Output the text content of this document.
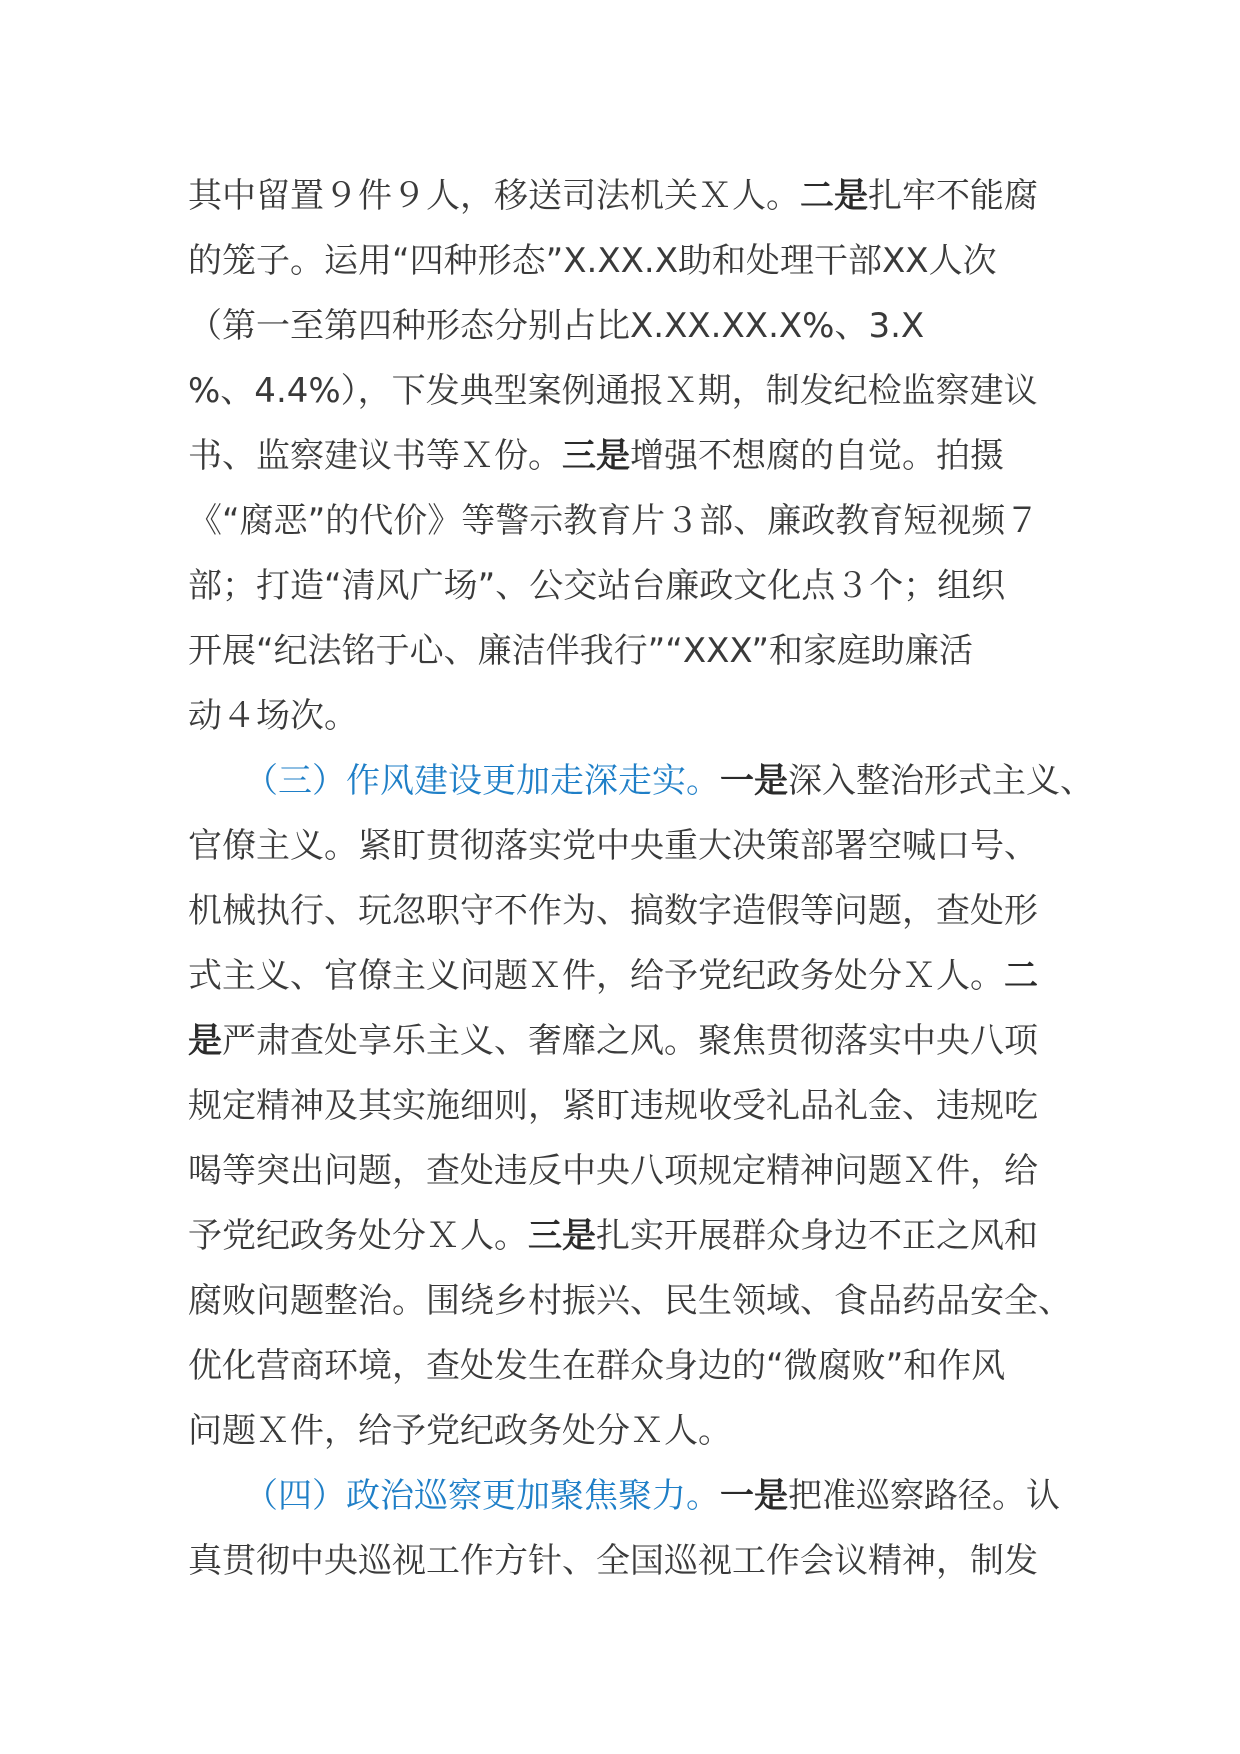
其中留置９件９人，移送司法机关Ｘ人。二是扎牢不能腐
的笼子。运用“四种形态”X.XX.X助和处理干部XX人次
（第一至第四种形态分别占比X.XX.XX.X%、3.X
%、4.4%），下发典型案例通报Ｘ期，制发纪检监察建议
书、监察建议书等Ｘ份。三是增强不想腐的自觉。拍摄
《“腐恶”的代价》等警示教育片３部、廉政教育短视频７
部；打造“清风广场”、公交站台廉政文化点３个；组织
开展“纪法铭于心、廉洁伴我行”“XXX”和家庭助廉活
动４场次。
（三）作风建设更加走深走实。一是深入整治形式主义、
官僚主义。紧盯贯彻落实党中央重大决策部署空喊口号、
机械执行、玩忽职守不作为、搞数字造假等问题，查处形
式主义、官僚主义问题Ｘ件，给予党纪政务处分Ｘ人。二
是严肃查处享乐主义、奢靡之风。聚焦贯彻落实中央八项
规定精神及其实施细则，紧盯违规收受礼品礼金、违规吃
喝等突出问题，查处违反中央八项规定精神问题Ｘ件，给
予党纪政务处分Ｘ人。三是扎实开展群众身边不正之风和
腐败问题整治。围绕乡村振兴、民生领域、食品药品安全、
优化营商环境，查处发生在群众身边的“微腐败”和作风
问题Ｘ件，给予党纪政务处分Ｘ人。
（四）政治巡察更加聚焦聚力。一是把准巡察路径。认
真贯彻中央巡视工作方针、全国巡视工作会议精神，制发
